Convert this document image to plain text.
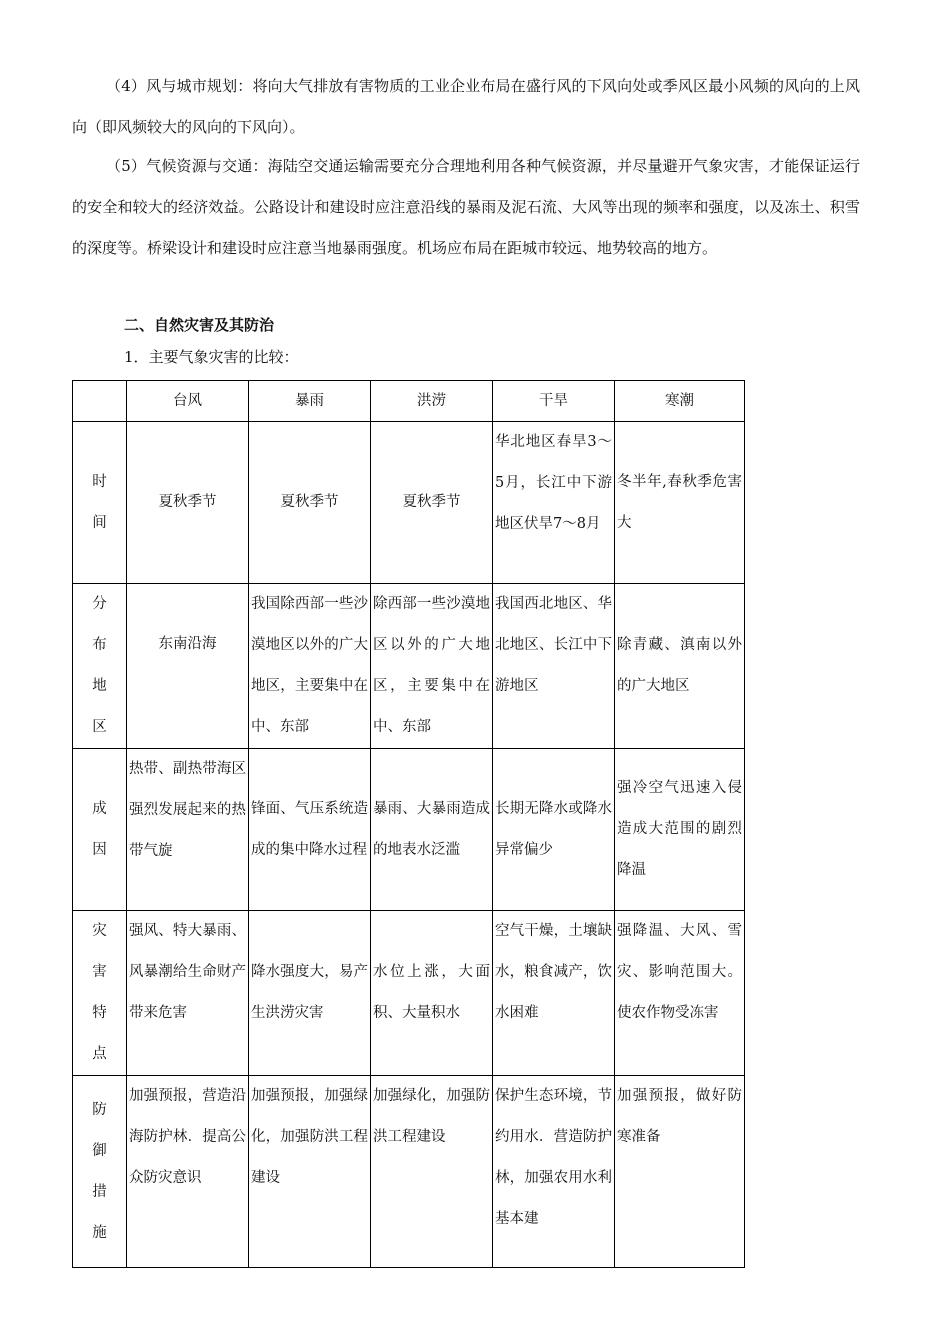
（4）风与城市规划：将向大气排放有害物质的工业企业布局在盛行风的下风向处或季风区最小风频的风向的上风向（即风频较大的风向的下风向）。

（5）气候资源与交通：海陆空交通运输需要充分合理地利用各种气候资源，并尽量避开气象灾害，才能保证运行的安全和较大的经济效益。公路设计和建设时应注意沿线的暴雨及泥石流、大风等出现的频率和强度，以及冻土、积雪的深度等。桥梁设计和建设时应注意当地暴雨强度。机场应布局在距城市较远、地势较高的地方。

二、自然灾害及其防治

1．主要气象灾害的比较：

	台风	暴雨	洪涝	干旱	寒潮
时间	夏秋季节	夏秋季节	夏秋季节	华北地区春旱3～5月，长江中下游地区伏旱7～8月	冬半年,春秋季危害大
分布地区	东南沿海	我国除西部一些沙漠地区以外的广大地区，主要集中在中、东部	除西部一些沙漠地区以外的广大地区，主要集中在中、东部	我国西北地区、华北地区、长江中下游地区	除青藏、滇南以外的广大地区
成因	热带、副热带海区强烈发展起来的热带气旋	锋面、气压系统造成的集中降水过程	暴雨、大暴雨造成的地表水泛滥	长期无降水或降水异常偏少	强冷空气迅速入侵造成大范围的剧烈降温
灾害特点	强风、特大暴雨、风暴潮给生命财产带来危害	降水强度大，易产生洪涝灾害	水位上涨，大面积、大量积水	空气干燥，土壤缺水，粮食减产，饮水困难	强降温、大风、雪灾、影响范围大。使农作物受冻害
防御措施	加强预报，营造沿海防护林．提高公众防灾意识	加强预报，加强绿化，加强防洪工程建设	加强绿化，加强防洪工程建设	保护生态环境，节约用水．营造防护林，加强农用水利基本建	加强预报，做好防寒准备
